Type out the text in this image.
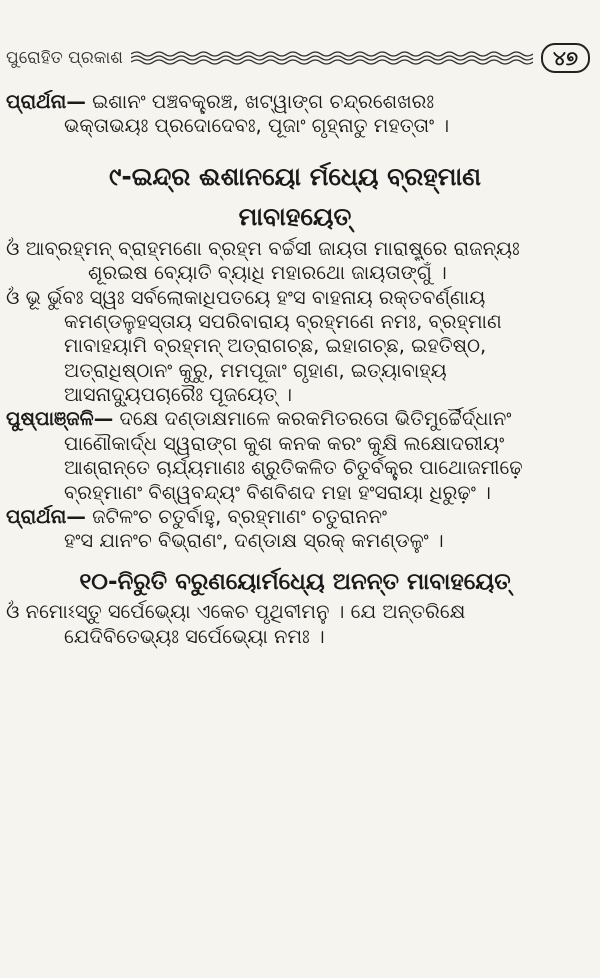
ପୁରୋହିତ ପ୍ରକାଶ	୪୭
ପ୍ରାର୍ଥନା— ଇଶାନଂ ପଞ୍ଚବକ୍ତ୍ରଞ୍ଚ, ଖଟ୍ୱାଙ୍ଗ ଚନ୍ଦ୍ରଶେଖରଃ
ଭକ୍ତାଭୟଃ ପ୍ରଦୋଦେବଃ, ପୂଜାଂ ଗୃହ୍ନାତୁ ମହତ୍ତାଂ ।
୯-ଇନ୍ଦ୍ର ଈଶାନୟୋ ର୍ମଧ୍ୟେ ବ୍ରହ୍ମାଣ
ମାବାହୟେତ୍
ଓଁ ଆବ୍ରହ୍ମନ୍ ବ୍ରାହ୍ମଣୋ ବ୍ରହ୍ମ ବର୍ଚ୍ଚସୀ ଜାୟତା ମାରାଷ୍ଟ୍ରେ ରାଜନ୍ୟଃ
ଶୂରଇଷ ବ୍ୟୋତି ବ୍ୟାଧି ମହାରଥୋ ଜାୟତାଙ୍ଗୁଁ ।
ଓଁ ଭୂ ର୍ଭୁବଃ ସ୍ୱଃ ସର୍ବଲୋକାଧିପତୟେ ହଂସ ବାହନାୟ ରକ୍ତବର୍ଣ୍ଣାୟ
କମଣ୍ଡଳୁହସ୍ତାୟ ସପରିବାରାୟ ବ୍ରହ୍ମଣେ ନମଃ, ବ୍ରହ୍ମାଣ
ମାବାହୟାମି ବ୍ରହ୍ମନ୍ ଅତ୍ରାଗଚ୍ଛ, ଇହାଗଚ୍ଛ, ଇହତିଷ୍ଠ,
ଅତ୍ରାଧିଷ୍ଠାନଂ କୁରୁ, ମମପୂଜାଂ ଗୃହାଣ, ଇତ୍ୟାବାହ୍ୟ
ଆସନାଦ୍ୟୁପଚାରୈଃ ପୂଜୟେତ୍ ।
ପୁଷ୍ପାଞ୍ଜଳି— ଦକ୍ଷେ ଦଣ୍ଡାକ୍ଷମାଳେ କରକମିତରତୋ ଭିତିମୁର୍ଚ୍ଚୈର୍ଦ୍ଧାନଂ
ପାଣୌକାର୍ଦ୍ଧ ସ୍ୱରାଙ୍ଗ କୁଶ କନକ କରଂ କୁକ୍ଷି ଲକ୍ଷୋଦରୀୟଂ
ଆଶ୍ରାନ୍ତେ ଚାର୍ଯ୍ୟମାଣଃ ଶ୍ରୁତିକଳିତ ଚିତୁର୍ବକ୍ତ୍ର ପାଥୋଜମୀଢ଼େ
ବ୍ରହ୍ମାଣଂ ବିଶ୍ୱବନ୍ଦ୍ୟଂ ବିଶବିଶଦ ମହା ହଂସରାୟା ଧିରୁଢ଼ଂ ।
ପ୍ରାର୍ଥନା— ଜଟିଳଂଚ ଚତୁର୍ବାହୁ, ବ୍ରହ୍ମାଣଂ ଚତୁରାନନଂ
ହଂସ ଯାନଂଚ ବିଭ୍ରାଣଂ, ଦଣ୍ଡାକ୍ଷ ସ୍ରକ୍ କମଣ୍ଡଳୁଂ ।
୧୦-ନିରୁତି ବରୁଣୟୋର୍ମଧ୍ୟେ ଅନନ୍ତ ମାବାହୟେତ୍
ଓଁ ନମୋଽସ୍ତୁ ସର୍ପେଭ୍ୟୋ ଏକେଚ ପୃଥିବୀମନୁ । ଯେ ଅନ୍ତରିକ୍ଷେ
ଯେଦିବିତେଭ୍ୟଃ ସର୍ପେଭ୍ୟୋ ନମଃ ।
